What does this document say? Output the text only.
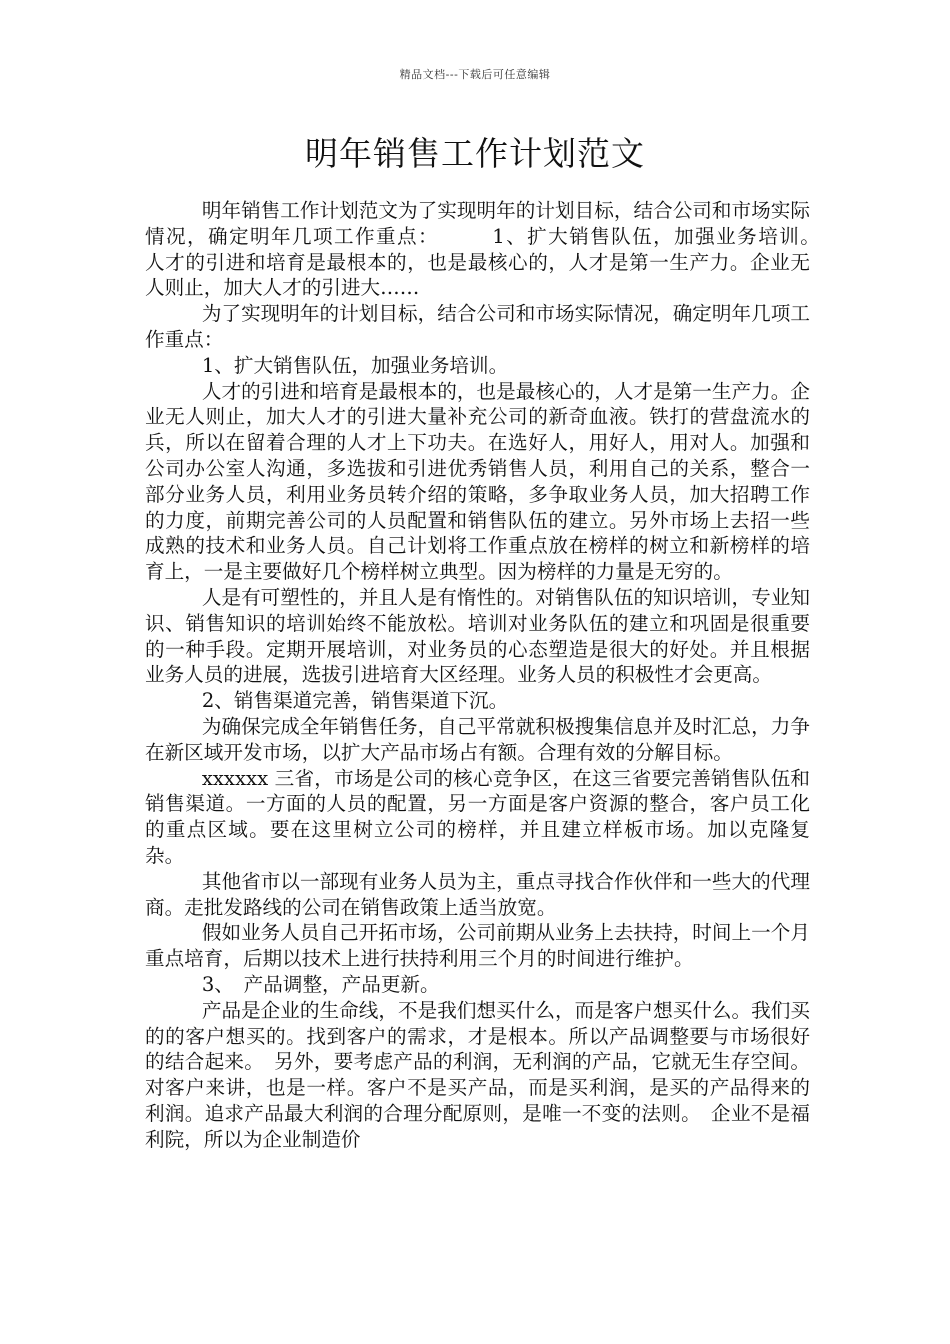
精品文档---下载后可任意编辑
明年销售工作计划范文

明年销售工作计划范文为了实现明年的计划目标，结合公司和市场实际情况，确定明年几项工作重点：　　　1、扩大销售队伍，加强业务培训。　　人才的引进和培育是最根本的，也是最核心的，人才是第一生产力。企业无人则止，加大人才的引进大……

为了实现明年的计划目标，结合公司和市场实际情况，确定明年几项工作重点：

1、扩大销售队伍，加强业务培训。

人才的引进和培育是最根本的，也是最核心的，人才是第一生产力。企业无人则止，加大人才的引进大量补充公司的新奇血液。铁打的营盘流水的兵，所以在留着合理的人才上下功夫。在选好人，用好人，用对人。加强和公司办公室人沟通，多选拔和引进优秀销售人员，利用自己的关系，整合一部分业务人员，利用业务员转介绍的策略，多争取业务人员，加大招聘工作的力度，前期完善公司的人员配置和销售队伍的建立。另外市场上去招一些成熟的技术和业务人员。自己计划将工作重点放在榜样的树立和新榜样的培育上，一是主要做好几个榜样树立典型。因为榜样的力量是无穷的。

人是有可塑性的，并且人是有惰性的。对销售队伍的知识培训，专业知识、销售知识的培训始终不能放松。培训对业务队伍的建立和巩固是很重要的一种手段。定期开展培训，对业务员的心态塑造是很大的好处。并且根据业务人员的进展，选拔引进培育大区经理。业务人员的积极性才会更高。

2、销售渠道完善，销售渠道下沉。

为确保完成全年销售任务，自己平常就积极搜集信息并及时汇总，力争在新区域开发市场，以扩大产品市场占有额。合理有效的分解目标。

xxxxxx 三省，市场是公司的核心竞争区，在这三省要完善销售队伍和销售渠道。一方面的人员的配置，另一方面是客户资源的整合，客户员工化的重点区域。要在这里树立公司的榜样，并且建立样板市场。加以克隆复杂。

其他省市以一部现有业务人员为主，重点寻找合作伙伴和一些大的代理商。走批发路线的公司在销售政策上适当放宽。

假如业务人员自己开拓市场，公司前期从业务上去扶持，时间上一个月重点培育，后期以技术上进行扶持利用三个月的时间进行维护。

3、　产品调整，产品更新。

产品是企业的生命线，不是我们想买什么，而是客户想买什么。我们买的的客户想买的。找到客户的需求，才是根本。所以产品调整要与市场很好的结合起来。　另外，要考虑产品的利润，无利润的产品，它就无生存空间。对客户来讲，也是一样。客户不是买产品，而是买利润，是买的产品得来的利润。追求产品最大利润的合理分配原则，是唯一不变的法则。　企业不是福利院，所以为企业制造价
